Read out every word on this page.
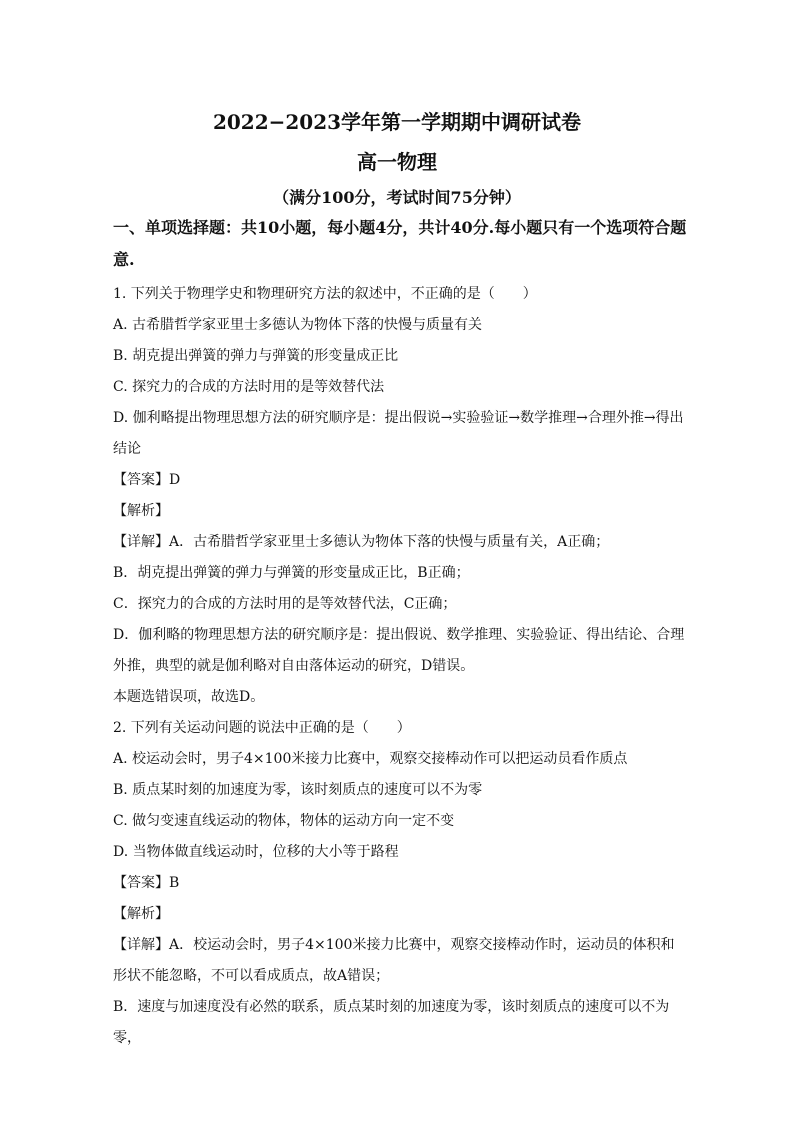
2022−2023学年第一学期期中调研试卷
高一物理
（满分100分，考试时间75分钟）
一、单项选择题：共10小题，每小题4分，共计40分.每小题只有一个选项符合题意.

1. 下列关于物理学史和物理研究方法的叙述中，不正确的是（　　）

A. 古希腊哲学家亚里士多德认为物体下落的快慢与质量有关

B. 胡克提出弹簧的弹力与弹簧的形变量成正比

C. 探究力的合成的方法时用的是等效替代法

D. 伽利略提出物理思想方法的研究顺序是：提出假说→实验验证→数学推理→合理外推→得出结论

【答案】D

【解析】

【详解】A．古希腊哲学家亚里士多德认为物体下落的快慢与质量有关，A正确；

B．胡克提出弹簧的弹力与弹簧的形变量成正比，B正确；

C．探究力的合成的方法时用的是等效替代法，C正确；

D．伽利略的物理思想方法的研究顺序是：提出假说、数学推理、实验验证、得出结论、合理外推，典型的就是伽利略对自由落体运动的研究，D错误。

本题选错误项，故选D。

2. 下列有关运动问题的说法中正确的是（　　）

A. 校运动会时，男子4×100米接力比赛中，观察交接棒动作可以把运动员看作质点

B. 质点某时刻的加速度为零，该时刻质点的速度可以不为零

C. 做匀变速直线运动的物体，物体的运动方向一定不变

D. 当物体做直线运动时，位移的大小等于路程

【答案】B

【解析】

【详解】A．校运动会时，男子4×100米接力比赛中，观察交接棒动作时，运动员的体积和形状不能忽略，不可以看成质点，故A错误；

B．速度与加速度没有必然的联系，质点某时刻的加速度为零，该时刻质点的速度可以不为零，
